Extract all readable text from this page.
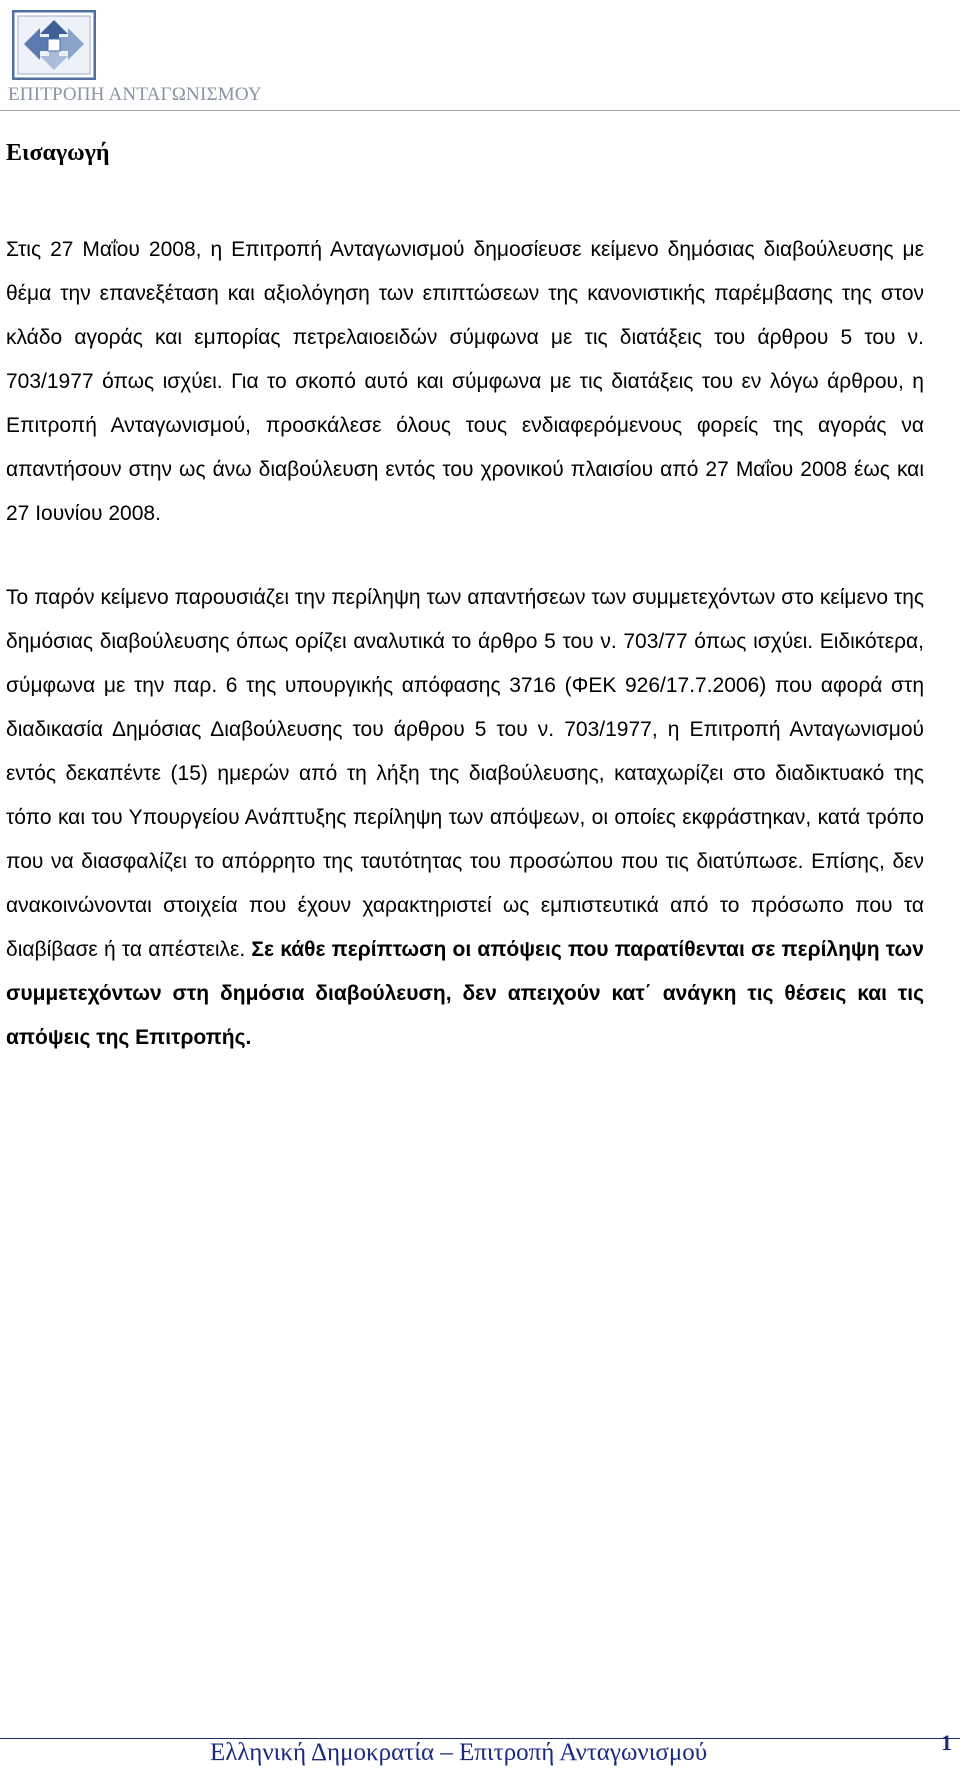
ΕΠΙΤΡΟΠΗ ΑΝΤΑΓΩΝΙΣΜΟΥ
Εισαγωγή

Στις 27 Μαΐου 2008, η Επιτροπή Ανταγωνισμού δημοσίευσε κείμενο δημόσιας διαβούλευσης με θέμα την επανεξέταση και αξιολόγηση των επιπτώσεων της κανονιστικής παρέμβασης της στον κλάδο αγοράς και εμπορίας πετρελαιοειδών σύμφωνα με τις διατάξεις του άρθρου 5 του ν. 703/1977 όπως ισχύει. Για το σκοπό αυτό και σύμφωνα με τις διατάξεις του εν λόγω άρθρου, η Επιτροπή Ανταγωνισμού, προσκάλεσε όλους τους ενδιαφερόμενους φορείς της αγοράς να απαντήσουν στην ως άνω διαβούλευση εντός του χρονικού πλαισίου από 27 Μαΐου 2008 έως και 27 Ιουνίου 2008.

Το παρόν κείμενο παρουσιάζει την περίληψη των απαντήσεων των συμμετεχόντων στο κείμενο της δημόσιας διαβούλευσης όπως ορίζει αναλυτικά το άρθρο 5 του ν. 703/77 όπως ισχύει. Ειδικότερα, σύμφωνα με την παρ. 6 της υπουργικής απόφασης 3716 (ΦΕΚ 926/17.7.2006) που αφορά στη διαδικασία Δημόσιας Διαβούλευσης του άρθρου 5 του ν. 703/1977, η Επιτροπή Ανταγωνισμού εντός δεκαπέντε (15) ημερών από τη λήξη της διαβούλευσης, καταχωρίζει στο διαδικτυακό της τόπο και του Υπουργείου Ανάπτυξης περίληψη των απόψεων, οι οποίες εκφράστηκαν, κατά τρόπο που να διασφαλίζει το απόρρητο της ταυτότητας του προσώπου που τις διατύπωσε. Επίσης, δεν ανακοινώνονται στοιχεία που έχουν χαρακτηριστεί ως εμπιστευτικά από το πρόσωπο που τα διαβίβασε ή τα απέστειλε. Σε κάθε περίπτωση οι απόψεις που παρατίθενται σε περίληψη των συμμετεχόντων στη δημόσια διαβούλευση, δεν απειχούν κατ΄ ανάγκη τις θέσεις και τις απόψεις της Επιτροπής.

Ελληνική Δημοκρατία – Επιτροπή Ανταγωνισμού	1
